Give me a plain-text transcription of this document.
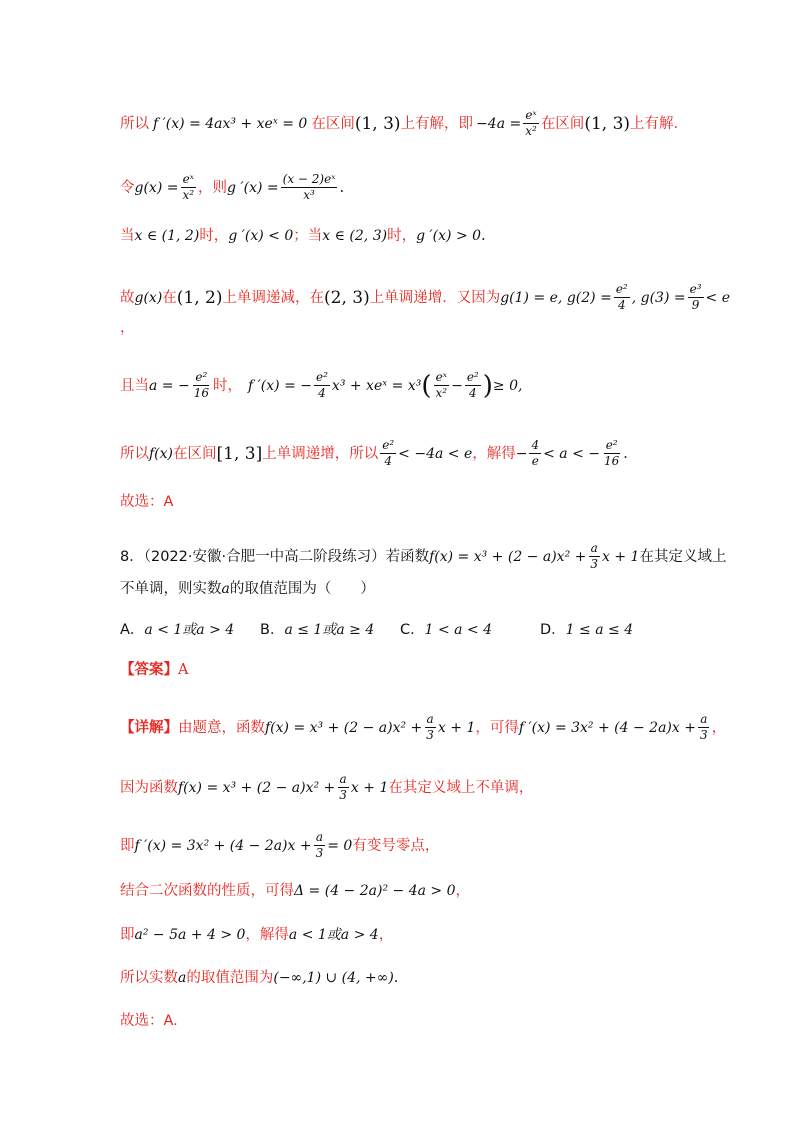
所以 f ′(x) = 4ax³ + xeˣ = 0 在区间 (1, 3) 上有解，即 $-4a = \frac{\text{eˣ}}{\text{x²}}$ 在区间 (1, 3) 上有解.
令 $g(x) = \frac{\text{eˣ}}{\text{x²}}$ ，则 g $'(x) = \frac{\text{(x − 2)eˣ}}{\text{x³}}$ .
当 x ∈ (1, 2) 时， g ′(x) < 0 ；当 x ∈ (2, 3) 时， g ′(x) > 0 .
故 g(x) 在 (1, 2) 上单调递减，在 (2, 3) 上单调递增．又因为 g(1) = e, $g(2) = \frac{\text{e²}}{4}$ , $g(3) = \frac{\text{e³}}{9} < e$
，
且当 a = − $\frac{\text{e²}}{16}$ 时， f ′(x) = − $\frac{\text{e²}}{4} x^3$ + xeˣ = x³ ( $\frac{\text{eˣ}}{\text{x²}} - \frac{\text{e²}}{4}$ ) ≥ 0,
所以 f(x) 在区间 [1, 3] 上单调递增，所以 $\frac{\text{e²}}{4} < -4a < e$ ，解得 − $\frac{4}{e} < a$ < − $\frac{\text{e²}}{16}$ .
故选：A
8．（2022·安徽·合肥一中高二阶段练习）若函数 $f(x) = x^3 + (2 - a)x^2 + \frac{a}{3}$ x + 1 在其定义域上
不单调，则实数 a 的取值范围为（　　）
A．a < 1或a > 4	B．a ≤ 1或a ≥ 4	C．1 < a < 4	D．1 ≤ a ≤ 4
【答案】 A
【详解】 由题意，函数 $f(x) = x^3 + (2 - a)x^2 + \frac{a}{3}$ x + 1 ，可得 f $'(x) = 3x^2 + (4 - 2a)x + \frac{a}{3}$ ，
因为函数 $f(x) = x^3 + (2 - a)x^2 + \frac{a}{3}$ x + 1 在其定义域上不单调，
即 f $'(x) = 3x^2 + (4 - 2a)x + \frac{a}{3} = 0$ 有变号零点，
结合二次函数的性质，可得 Δ = (4 − 2a)² − 4a > 0 ，
即 a² − 5a + 4 > 0 ，解得 a < 1或a > 4 ，
所以实数 a 的取值范围为 (−∞,1) ∪ (4, +∞) .
故选：A.
